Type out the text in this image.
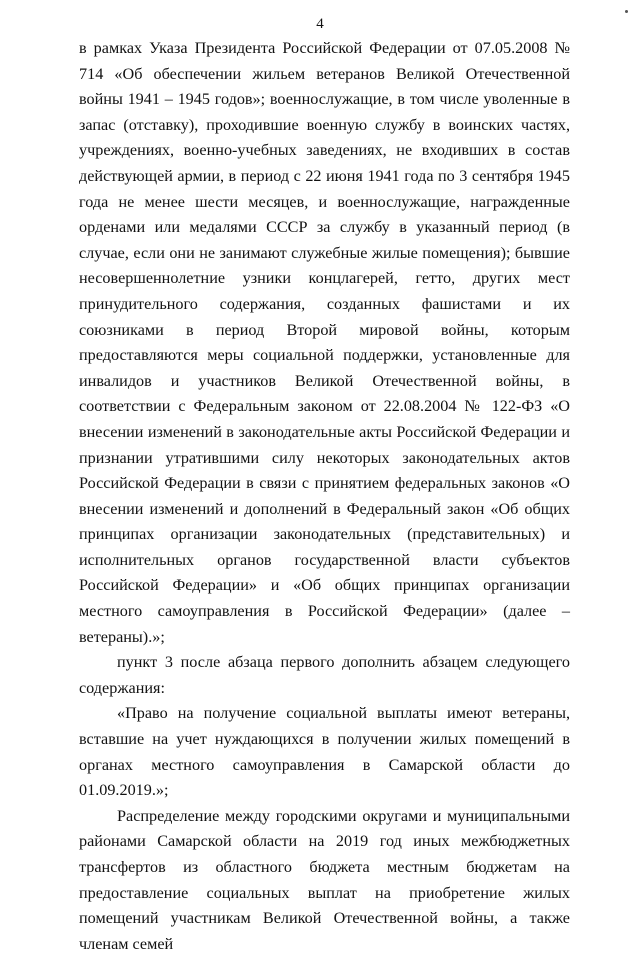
4

в рамках Указа Президента Российской Федерации от 07.05.2008 № 714 «Об обеспечении жильем ветеранов Великой Отечественной войны 1941 – 1945 годов»; военнослужащие, в том числе уволенные в запас (отставку), проходившие военную службу в воинских частях, учреждениях, военно-учебных заведениях, не входивших в состав действующей армии, в период с 22 июня 1941 года по 3 сентября 1945 года не менее шести месяцев, и военнослужащие, награжденные орденами или медалями СССР за службу в указанный период (в случае, если они не занимают служебные жилые помещения); бывшие несовершеннолетние узники концлагерей, гетто, других мест принудительного содержания, созданных фашистами и их союзниками в период Второй мировой войны, которым предоставляются меры социальной поддержки, установленные для инвалидов и участников Великой Отечественной войны, в соответствии с Федеральным законом от 22.08.2004 № 122-ФЗ «О внесении изменений в законодательные акты Российской Федерации и признании утратившими силу некоторых законодательных актов Российской Федерации в связи с принятием федеральных законов «О внесении изменений и дополнений в Федеральный закон «Об общих принципах организации законодательных (представительных) и исполнительных органов государственной власти субъектов Российской Федерации» и «Об общих принципах организации местного самоуправления в Российской Федерации» (далее – ветераны).»;

пункт 3 после абзаца первого дополнить абзацем следующего содержания:

«Право на получение социальной выплаты имеют ветераны, вставшие на учет нуждающихся в получении жилых помещений в органах местного самоуправления в Самарской области до 01.09.2019.»;

Распределение между городскими округами и муниципальными районами Самарской области на 2019 год иных межбюджетных трансфертов из областного бюджета местным бюджетам на предоставление социальных выплат на приобретение жилых помещений участникам Великой Отечественной войны, а также членам семей
